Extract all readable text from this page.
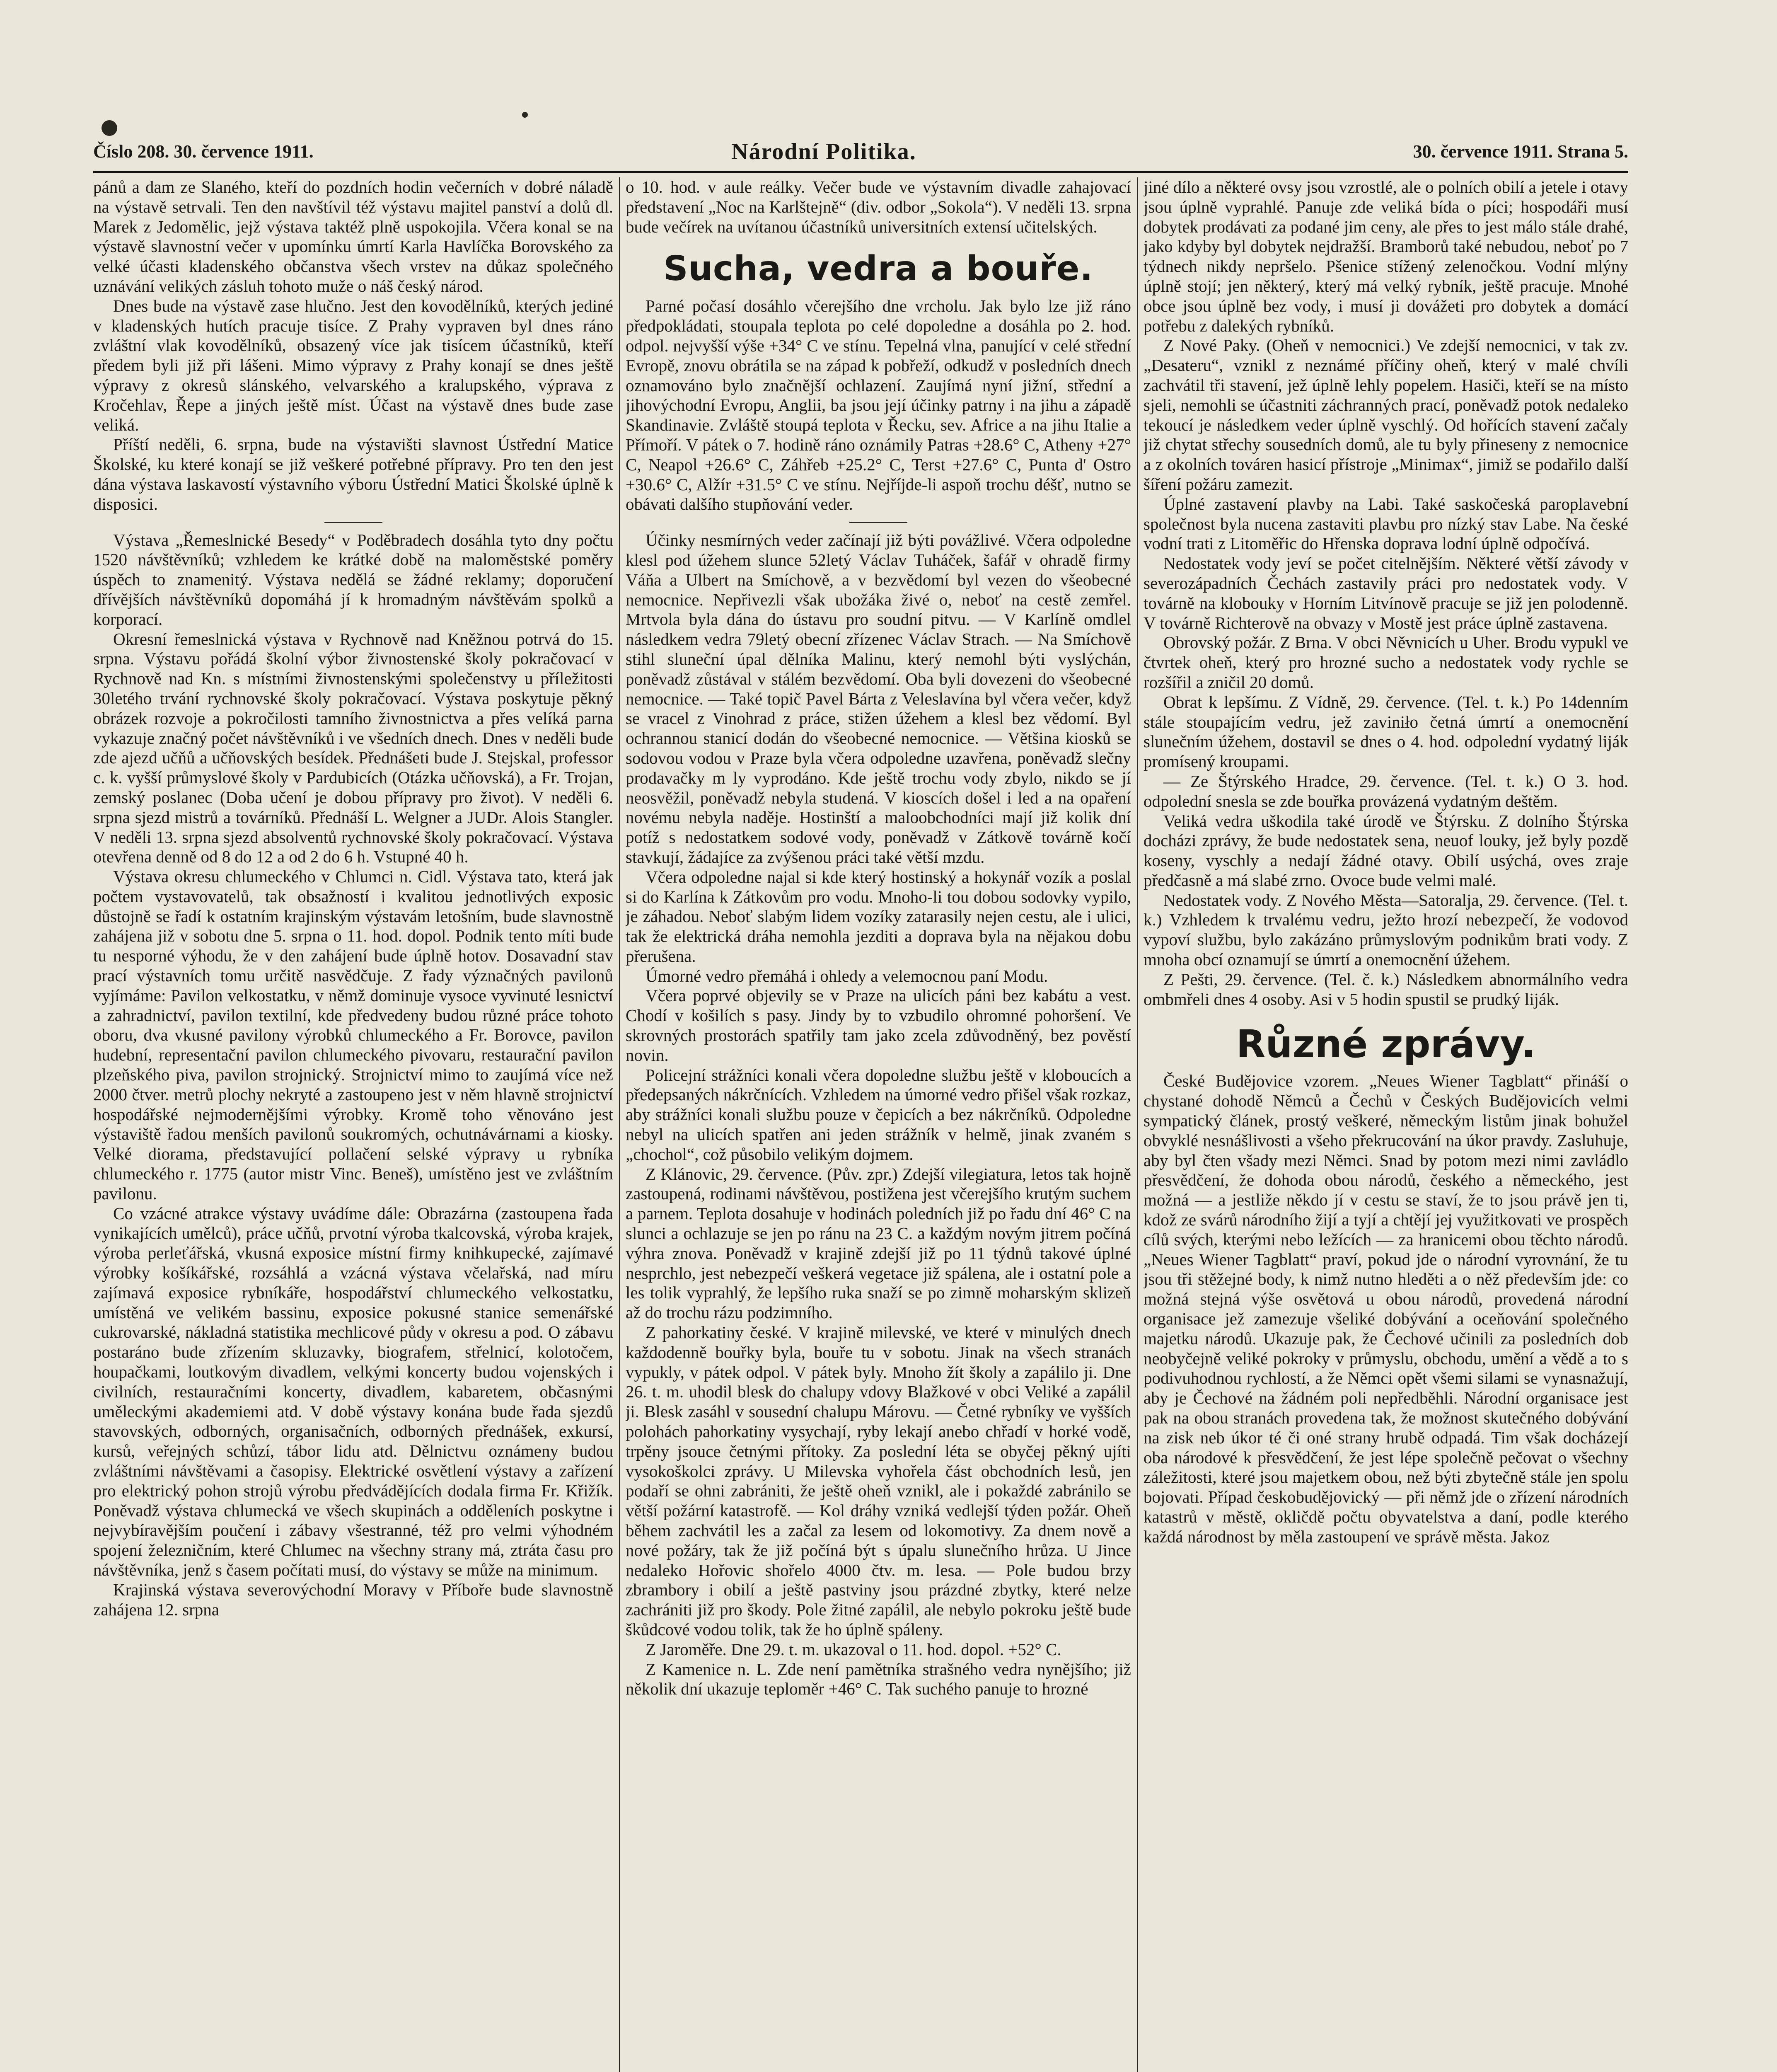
Číslo 208. 30. července 1911.	Národní Politika.	30. července 1911. Strana 5.

pánů a dam ze Slaného, kteří do pozdních hodin večerních v dobré náladě na výstavě setrvali. Ten den navštívil též výstavu majitel panství a dolů dl. Marek z Jedomělic, jejž výstava taktéž plně uspokojila. Včera konal se na výstavě slavnostní večer v upomínku úmrtí Karla Havlíčka Borovského za velké účasti kladenského občanstva všech vrstev na důkaz společného uznávání velikých zásluh tohoto muže o náš český národ.

Dnes bude na výstavě zase hlučno. Jest den kovodělníků, kterých jediné v kladenských hutích pracuje tisíce. Z Prahy vypraven byl dnes ráno zvláštní vlak kovodělníků, obsazený více jak tisícem účastníků, kteří předem byli již při lášeni. Mimo výpravy z Prahy konají se dnes ještě výpravy z okresů slánského, velvarského a kralupského, výprava z Kročehlav, Řepe a jiných ještě míst. Účast na výstavě dnes bude zase veliká.

Příští neděli, 6. srpna, bude na výstavišti slavnost Ústřední Matice Školské, ku které konají se již veškeré potřebné přípravy. Pro ten den jest dána výstava laskavostí výstavního výboru Ústřední Matici Školské úplně k disposici.

Výstava „Řemeslnické Besedy“ v Poděbradech dosáhla tyto dny počtu 1520 návštěvníků; vzhledem ke krátké době na maloměstské poměry úspěch to znamenitý. Výstava nedělá se žádné reklamy; doporučení dřívějších návštěvníků dopomáhá jí k hromadným návštěvám spolků a korporací.

Okresní řemeslnická výstava v Rychnově nad Kněžnou potrvá do 15. srpna. Výstavu pořádá školní výbor živnostenské školy pokračovací v Rychnově nad Kn. s místními živnostenskými společenstvy u příležitosti 30letého trvání rychnovské školy pokračovací. Výstava poskytuje pěkný obrázek rozvoje a pokročilosti tamního živnostnictva a přes velíká parna vykazuje značný počet návštěvníků i ve všedních dnech. Dnes v neděli bude zde ajezd učňů a učňovských besídek. Přednášeti bude J. Stejskal, professor c. k. vyšší průmyslové školy v Pardubicích (Otázka učňovská), a Fr. Trojan, zemský poslanec (Doba učení je dobou přípravy pro život). V neděli 6. srpna sjezd mistrů a továrníků. Přednáší L. Welgner a JUDr. Alois Stangler. V neděli 13. srpna sjezd absolventů rychnovské školy pokračovací. Výstava otevřena denně od 8 do 12 a od 2 do 6 h. Vstupné 40 h.

Výstava okresu chlumeckého v Chlumci n. Cidl. Výstava tato, která jak počtem vystavovatelů, tak obsažností i kvalitou jednotlivých exposic důstojně se řadí k ostatním krajinským výstavám letošním, bude slavnostně zahájena již v sobotu dne 5. srpna o 11. hod. dopol. Podnik tento míti bude tu nesporné výhodu, že v den zahájení bude úplně hotov. Dosavadní stav prací výstavních tomu určitě nasvědčuje. Z řady význačných pavilonů vyjímáme: Pavilon velkostatku, v němž dominuje vysoce vyvinuté lesnictví a zahradnictví, pavilon textilní, kde předvedeny budou různé práce tohoto oboru, dva vkusné pavilony výrobků chlumeckého a Fr. Borovce, pavilon hudební, representační pavilon chlumeckého pivovaru, restaurační pavilon plzeňského piva, pavilon strojnický. Strojnictví mimo to zaujímá více než 2000 čtver. metrů plochy nekryté a zastoupeno jest v něm hlavně strojnictví hospodářské nejmodernějšími výrobky. Kromě toho věnováno jest výstaviště řadou menších pavilonů soukromých, ochutnávárnami a kiosky. Velké diorama, představující pollačení selské výpravy u rybníka chlumeckého r. 1775 (autor mistr Vinc. Beneš), umístěno jest ve zvláštním pavilonu.

Co vzácné atrakce výstavy uvádíme dále: Obrazárna (zastoupena řada vynikajících umělců), práce učňů, prvotní výroba tkalcovská, výroba krajek, výroba perleťářská, vkusná exposice místní firmy knihkupecké, zajímavé výrobky košíkářské, rozsáhlá a vzácná výstava včelařská, nad míru zajímavá exposice rybníkáře, hospodářství chlumeckého velkostatku, umístěná ve velikém bassinu, exposice pokusné stanice semenářské cukrovarské, nákladná statistika mechlicové půdy v okresu a pod. O zábavu postaráno bude zřízením skluzavky, biografem, střelnicí, kolotočem, houpačkami, loutkovým divadlem, velkými koncerty budou vojenských i civilních, restauračními koncerty, divadlem, kabaretem, občasnými uměleckými akademiemi atd. V době výstavy konána bude řada sjezdů stavovských, odborných, organisačních, odborných přednášek, exkursí, kursů, veřejných schůzí, tábor lidu atd. Dělnictvu oznámeny budou zvláštními návštěvami a časopisy. Elektrické osvětlení výstavy a zařízení pro elektrický pohon strojů výrobu předvádějících dodala firma Fr. Křižík. Poněvadž výstava chlumecká ve všech skupinách a odděleních poskytne i nejvybíravějším poučení i zábavy všestranné, též pro velmi výhodném spojení železničním, které Chlumec na všechny strany má, ztráta času pro návštěvníka, jenž s časem počítati musí, do výstavy se může na minimum.

Krajinská výstava severovýchodní Moravy v Příboře bude slavnostně zahájena 12. srpna

o 10. hod. v aule reálky. Večer bude ve výstavním divadle zahajovací představení „Noc na Karlštejně“ (div. odbor „Sokola“). V neděli 13. srpna bude večírek na uvítanou účastníků universitních extensí učitelských.

Sucha, vedra a bouře.

Parné počasí dosáhlo včerejšího dne vrcholu. Jak bylo lze již ráno předpokládati, stoupala teplota po celé dopoledne a dosáhla po 2. hod. odpol. nejvyšší výše +34° C ve stínu. Tepelná vlna, panující v celé střední Evropě, znovu obrátila se na západ k pobřeží, odkudž v posledních dnech oznamováno bylo značnější ochlazení. Zaujímá nyní jižní, střední a jihovýchodní Evropu, Anglii, ba jsou její účinky patrny i na jihu a západě Skandinavie. Zvláště stoupá teplota v Řecku, sev. Africe a na jihu Italie a Přímoří. V pátek o 7. hodině ráno oznámily Patras +28.6° C, Atheny +27° C, Neapol +26.6° C, Záhřeb +25.2° C, Terst +27.6° C, Punta d' Ostro +30.6° C, Alžír +31.5° C ve stínu. Nejříjde-li aspoň trochu déšť, nutno se obávati dalšího stupňování veder.

Účinky nesmírných veder začínají již býti povážlivé. Včera odpoledne klesl pod úžehem slunce 52letý Václav Tuháček, šafář v ohradě firmy Váňa a Ulbert na Smíchově, a v bezvědomí byl vezen do všeobecné nemocnice. Nepřivezli však ubožáka živé o, neboť na cestě zemřel. Mrtvola byla dána do ústavu pro soudní pitvu. — V Karlíně omdlel následkem vedra 79letý obecní zřízenec Václav Strach. — Na Smíchově stihl sluneční úpal dělníka Malinu, který nemohl býti vyslýchán, poněvadž zůstával v stálém bezvědomí. Oba byli dovezeni do všeobecné nemocnice. — Také topič Pavel Bárta z Veleslavína byl včera večer, když se vracel z Vinohrad z práce, stižen úžehem a klesl bez vědomí. Byl ochrannou stanicí dodán do všeobecné nemocnice. — Většina kiosků se sodovou vodou v Praze byla včera odpoledne uzavřena, poněvadž slečny prodavačky m ly vyprodáno. Kde ještě trochu vody zbylo, nikdo se jí neosvěžil, poněvadž nebyla studená. V kioscích došel i led a na opaření novému nebyla naděje. Hostinští a maloobchodníci mají již kolik dní potíž s nedostatkem sodové vody, poněvadž v Zátkově továrně kočí stavkují, žádajíce za zvýšenou práci také větší mzdu.

Včera odpoledne najal si kde který hostinský a hokynář vozík a poslal si do Karlína k Zátkovům pro vodu. Mnoho-li tou dobou sodovky vypilo, je záhadou. Neboť slabým lidem vozíky zatarasily nejen cestu, ale i ulici, tak že elektrická dráha nemohla jezditi a doprava byla na nějakou dobu přerušena.

Úmorné vedro přemáhá i ohledy a velemocnou paní Modu.

Včera poprvé objevily se v Praze na ulicích páni bez kabátu a vest. Chodí v košilích s pasy. Jindy by to vzbudilo ohromné pohoršení. Ve skrovných prostorách spatřily tam jako zcela zdůvodněný, bez pověstí novin.

Policejní strážníci konali včera dopoledne službu ještě v kloboucích a předepsaných nákrčnících. Vzhledem na úmorné vedro přišel však rozkaz, aby strážníci konali službu pouze v čepicích a bez nákrčníků. Odpoledne nebyl na ulicích spatřen ani jeden strážník v helmě, jinak zvaném s „chochol“, což působilo velikým dojmem.

Z Klánovic, 29. července. (Pův. zpr.) Zdejší vilegiatura, letos tak hojně zastoupená, rodinami návštěvou, postižena jest včerejšího krutým suchem a parnem. Teplota dosahuje v hodinách poledních již po řadu dní 46° C na slunci a ochlazuje se jen po ránu na 23 C. a každým novým jitrem počíná výhra znova. Poněvadž v krajině zdejší již po 11 týdnů takové úplné nesprchlo, jest nebezpečí veškerá vegetace již spálena, ale i ostatní pole a les tolik vyprahlý, že lepšího ruka snaží se po zimně moharským sklizeň až do trochu rázu podzimního.

Z pahorkatiny české. V krajině milevské, ve které v minulých dnech každodenně bouřky byla, bouře tu v sobotu. Jinak na všech stranách vypukly, v pátek odpol. V pátek byly. Mnoho žít školy a zapálilo ji. Dne 26. t. m. uhodil blesk do chalupy vdovy Blažkové v obci Veliké a zapálil ji. Blesk zasáhl v sousední chalupu Márovu. — Četné rybníky ve vyšších polohách pahorkatiny vysychají, ryby lekají anebo chřadí v horké vodě, trpěny jsouce četnými přítoky. Za poslední léta se obyčej pěkný ujíti vysokoškolci zprávy. U Milevska vyhořela část obchodních lesů, jen podaří se ohni zabrániti, že ještě oheň vznikl, ale i pokaždé zabránilo se větší požární katastrofě. — Kol dráhy vzniká vedlejší týden požár. Oheň během zachvátil les a začal za lesem od lokomotivy. Za dnem nově a nové požáry, tak že již počíná být s úpalu slunečního hrůza. U Jince nedaleko Hořovic shořelo 4000 čtv. m. lesa. — Pole budou brzy zbrambory i obilí a ještě pastviny jsou prázdné zbytky, které nelze zachrániti již pro škody. Pole žitné zapálil, ale nebylo pokroku ještě bude škůdcové vodou tolik, tak že ho úplně spáleny.

Z Jaroměře. Dne 29. t. m. ukazoval o 11. hod. dopol. +52° C.

Z Kamenice n. L. Zde není pamětníka strašného vedra nynějšího; již několik dní ukazuje teploměr +46° C. Tak suchého panuje to hrozné

jiné dílo a některé ovsy jsou vzrostlé, ale o polních obilí a jetele i otavy jsou úplně vyprahlé. Panuje zde veliká bída o píci; hospodáři musí dobytek prodávati za podané jim ceny, ale přes to jest málo stále drahé, jako kdyby byl dobytek nejdražší. Bramborů také nebudou, neboť po 7 týdnech nikdy nepršelo. Pšenice stížený zelenočkou. Vodní mlýny úplně stojí; jen některý, který má velký rybník, ještě pracuje. Mnohé obce jsou úplně bez vody, i musí ji dovážeti pro dobytek a domácí potřebu z dalekých rybníků.

Z Nové Paky. (Oheň v nemocnici.) Ve zdejší nemocnici, v tak zv. „Desateru“, vznikl z neznámé příčiny oheň, který v malé chvíli zachvátil tři stavení, jež úplně lehly popelem. Hasiči, kteří se na místo sjeli, nemohli se účastniti záchranných prací, poněvadž potok nedaleko tekoucí je následkem veder úplně vyschlý. Od hořících stavení začaly již chytat střechy sousedních domů, ale tu byly přineseny z nemocnice a z okolních továren hasicí přístroje „Minimax“, jimiž se podařilo další šíření požáru zamezit.

Úplné zastavení plavby na Labi. Také saskočeská paroplavební společnost byla nucena zastaviti plavbu pro nízký stav Labe. Na české vodní trati z Litoměřic do Hřenska doprava lodní úplně odpočívá.

Nedostatek vody jeví se počet citelnějším. Některé větší závody v severozápadních Čechách zastavily práci pro nedostatek vody. V továrně na klobouky v Horním Litvínově pracuje se již jen polodenně. V továrně Richterově na obvazy v Mostě jest práce úplně zastavena.

Obrovský požár. Z Brna. V obci Něvnicích u Uher. Brodu vypukl ve čtvrtek oheň, který pro hrozné sucho a nedostatek vody rychle se rozšířil a zničil 20 domů.

Obrat k lepšímu. Z Vídně, 29. července. (Tel. t. k.) Po 14denním stále stoupajícím vedru, jež zaviniło četná úmrtí a onemocnění slunečním úžehem, dostavil se dnes o 4. hod. odpolední vydatný liják promísený kroupami.

— Ze Štýrského Hradce, 29. července. (Tel. t. k.) O 3. hod. odpolední snesla se zde bouřka provázená vydatným deštěm.

Veliká vedra uškodila také úrodě ve Štýrsku. Z dolního Štýrska docházi zprávy, že bude nedostatek sena, neuof louky, jež byly pozdě koseny, vyschly a nedají žádné otavy. Obilí usýchá, oves zraje předčasně a má slabé zrno. Ovoce bude velmi malé.

Nedostatek vody. Z Nového Města—Satoralja, 29. července. (Tel. t. k.) Vzhledem k trvalému vedru, ježto hrozí nebezpečí, že vodovod vypoví službu, bylo zakázáno průmyslovým podnikům brati vody. Z mnoha obcí oznamují se úmrtí a onemocnění úžehem.

Z Pešti, 29. července. (Tel. č. k.) Následkem abnormálního vedra ombmřeli dnes 4 osoby. Asi v 5 hodin spustil se prudký liják.

Různé zprávy.

České Budějovice vzorem. „Neues Wiener Tagblatt“ přináší o chystané dohodě Němců a Čechů v Českých Budějovicích velmi sympatický článek, prostý veškeré, německým listům jinak bohužel obvyklé nesnášlivosti a všeho překrucování na úkor pravdy. Zasluhuje, aby byl čten všady mezi Němci. Snad by potom mezi nimi zavládlo přesvědčení, že dohoda obou národů, českého a německého, jest možná — a jestliže někdo jí v cestu se staví, že to jsou právě jen ti, kdož ze svárů národního žijí a tyjí a chtějí jej využitkovati ve prospěch cílů svých, kterými nebo ležících — za hranicemi obou těchto národů. „Neues Wiener Tagblatt“ praví, pokud jde o národní vyrovnání, že tu jsou tři stěžejné body, k nimž nutno hleděti a o něž především jde: co možná stejná výše osvětová u obou národů, provedená národní organisace jež zamezuje všeliké dobývání a oceňování společného majetku národů. Ukazuje pak, že Čechové učinili za posledních dob neobyčejně veliké pokroky v průmyslu, obchodu, umění a vědě a to s podivuhodnou rychlostí, a že Němci opět všemi silami se vynasnažují, aby je Čechové na žádném poli nepředběhli. Národní organisace jest pak na obou stranách provedena tak, že možnost skutečného dobývání na zisk neb úkor té či oné strany hrubě odpadá. Tim však docházejí oba národové k přesvědčení, že jest lépe společně pečovat o všechny záležitosti, které jsou majetkem obou, než býti zbytečně stále jen spolu bojovati. Případ českobudějovický — při němž jde o zřízení národních katastrů v městě, okličdě počtu obyvatelstva a daní, podle kterého každá národnost by měla zastoupení ve správě města. Jakoz
